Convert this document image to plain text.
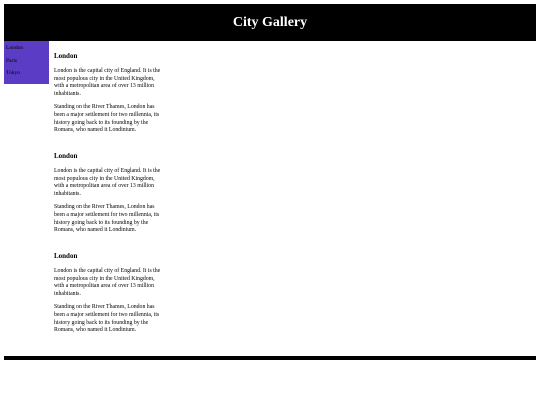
City Gallery
London
Paris
Tokyo
London

London is the capital city of England. It is the most populous city in the United Kingdom, with a metropolitan area of over 13 million inhabitants.

Standing on the River Thames, London has been a major settlement for two millennia, its history going back to its founding by the Romans, who named it Londinium.

London

London is the capital city of England. It is the most populous city in the United Kingdom, with a metropolitan area of over 13 million inhabitants.

Standing on the River Thames, London has been a major settlement for two millennia, its history going back to its founding by the Romans, who named it Londinium.

London

London is the capital city of England. It is the most populous city in the United Kingdom, with a metropolitan area of over 13 million inhabitants.

Standing on the River Thames, London has been a major settlement for two millennia, its history going back to its founding by the Romans, who named it Londinium.
